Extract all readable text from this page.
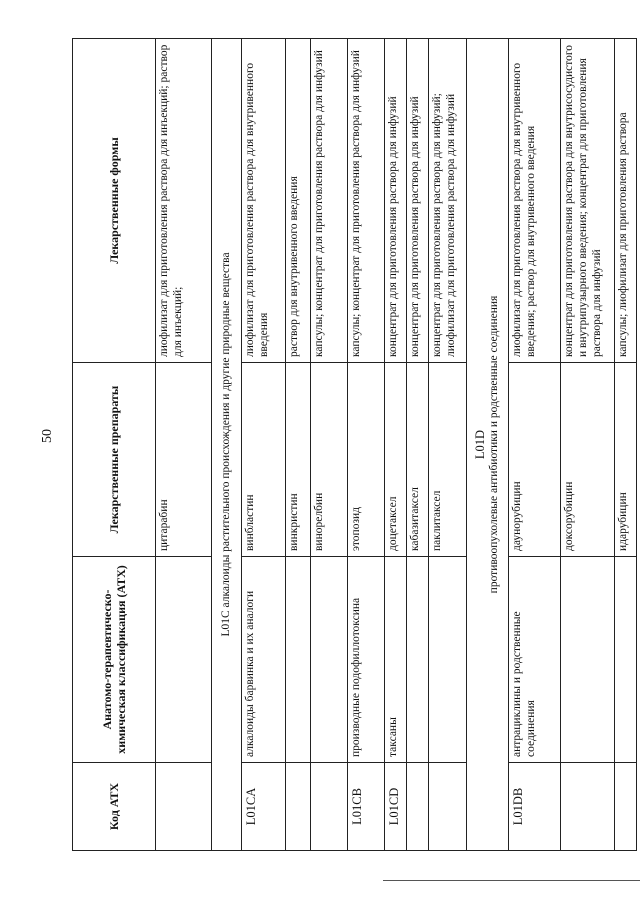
50
Код АТХ	Анатомо-терапевтическо-химическая классификация (АТХ)	Лекарственные препараты	Лекарственные формы
		цитарабин	лиофилизат для приготовления раствора для инъекций; раствор для инъекций;
L01C алкалоиды растительного происхождения и другие природные вещества			
L01CA	алкалоиды барвинка и их аналоги	винбластин	лиофилизат для приготовления раствора для внутривенного введения
		винкристин	раствор для внутривенного введения
		винорелбин	капсулы; концентрат для приготовления раствора для инфузий
L01CB	производные подофиллотоксина	этопозид	капсулы; концентрат для приготовления раствора для инфузий
L01CD	таксаны	доцетаксел	концентрат для приготовления раствора для инфузий
		кабазитаксел	концентрат для приготовления раствора для инфузий
		паклитаксел	концентрат для приготовления раствора для инфузий; лиофилизат для приготовления раствора для инфузий

L01D противоопухолевые антибиотики и родственные соединения			

L01DB	антрациклины и родственные соединения	даунорубицин	лиофилизат для приготовления раствора для внутривенного введения; раствор для внутривенного введения
		доксорубицин	концентрат для приготовления раствора для внутрисосудистого и внутрипузырного введения; концентрат для приготовления раствора для инфузий
		идарубицин	капсулы; лиофилизат для приготовления раствора
